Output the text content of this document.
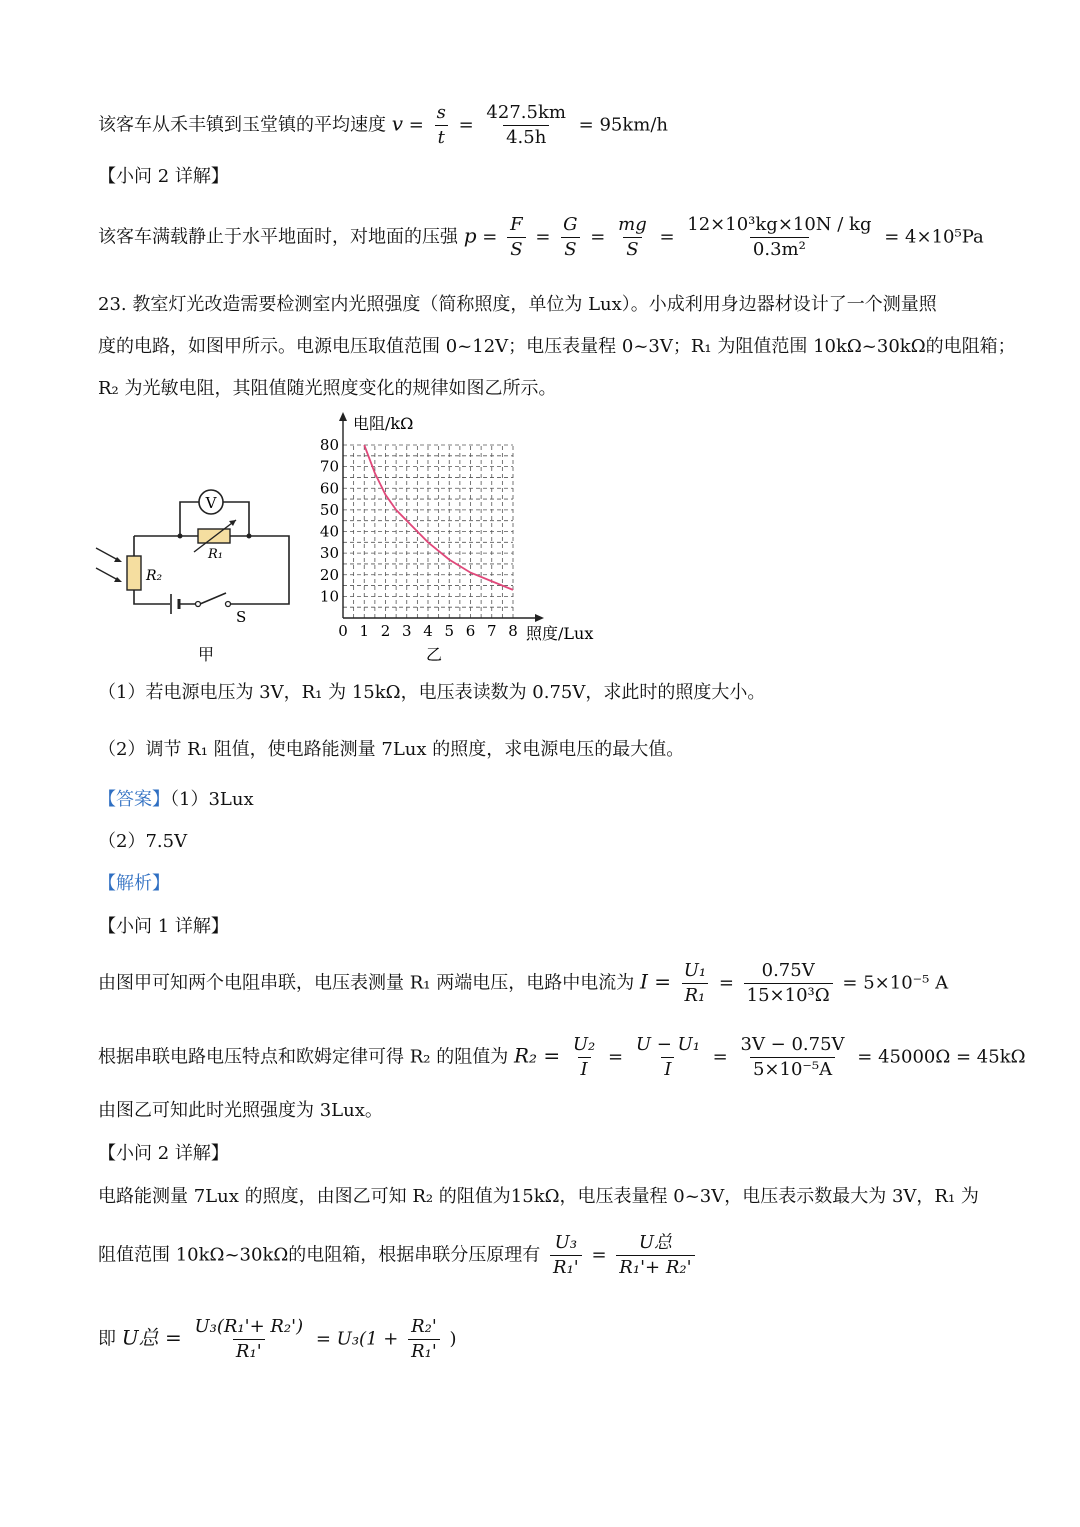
该客车从禾丰镇到玉堂镇的平均速度 $v = \frac{s}{t} = \frac{427.5km}{4.5h} = 95km/h$
【小问 2 详解】
该客车满载静止于水平地面时，对地面的压强 $p = \frac{F}{S} = \frac{G}{S} = \frac{mg}{S} = \frac{\text{12×10³kg×10N / kg}}{\text{0.3m²}} = 4\times 10^5Pa$
23. 教室灯光改造需要检测室内光照强度（简称照度，单位为 Lux）。小成利用身边器材设计了一个测量照
度的电路，如图甲所示。电源电压取值范围 0~12V；电压表量程 0~3V；R₁ 为阻值范围 10kΩ~30kΩ的电阻箱；
R₂ 为光敏电阻，其阻值随光照度变化的规律如图乙所示。
V
R₁
R₂
S
甲
电阻/kΩ
照度/Lux
0 1 2 3 4 5 6 7 8
10
20
30
40
50
60
70
80
乙
（1）若电源电压为 3V，R₁ 为 15kΩ，电压表读数为 0.75V，求此时的照度大小。
（2）调节 R₁ 阻值，使电路能测量 7Lux 的照度，求电源电压的最大值。
【答案】（1）3Lux
（2）7.5V
【解析】
【小问 1 详解】
由图甲可知两个电阻串联，电压表测量 R₁ 两端电压，电路中电流为 $I = \frac{\text{U₁}}{\text{R₁}} = \frac{0.75V}{\text{15×10³Ω}} = 5\times 10^{-5}$ A
根据串联电路电压特点和欧姆定律可得 R₂ 的阻值为 $R_2 = \frac{\text{U₂}}{I} = \frac{\text{U − U₁}}{I} = \frac{3V - 0.75V}{\text{5×10⁻⁵A}} = 45000\Omega = 45k\Omega$
由图乙可知此时光照强度为 3Lux。
【小问 2 详解】
电路能测量 7Lux 的照度，由图乙可知 R₂ 的阻值为15kΩ，电压表量程 0~3V，电压表示数最大为 3V，R₁ 为
阻值范围 10kΩ~30kΩ的电阻箱，根据串联分压原理有 $\frac{\text{U₃}}{\text{R₁'}} = \frac{\text{U总}}{\text{R₁'+ R₂'}}$
即 U总 = $\frac{\text{U₃(R₁'+ R₂')}}{\text{R₁'}} = U_3(1 + \frac{\text{R₂'}}{\text{R₁'}}$ )
